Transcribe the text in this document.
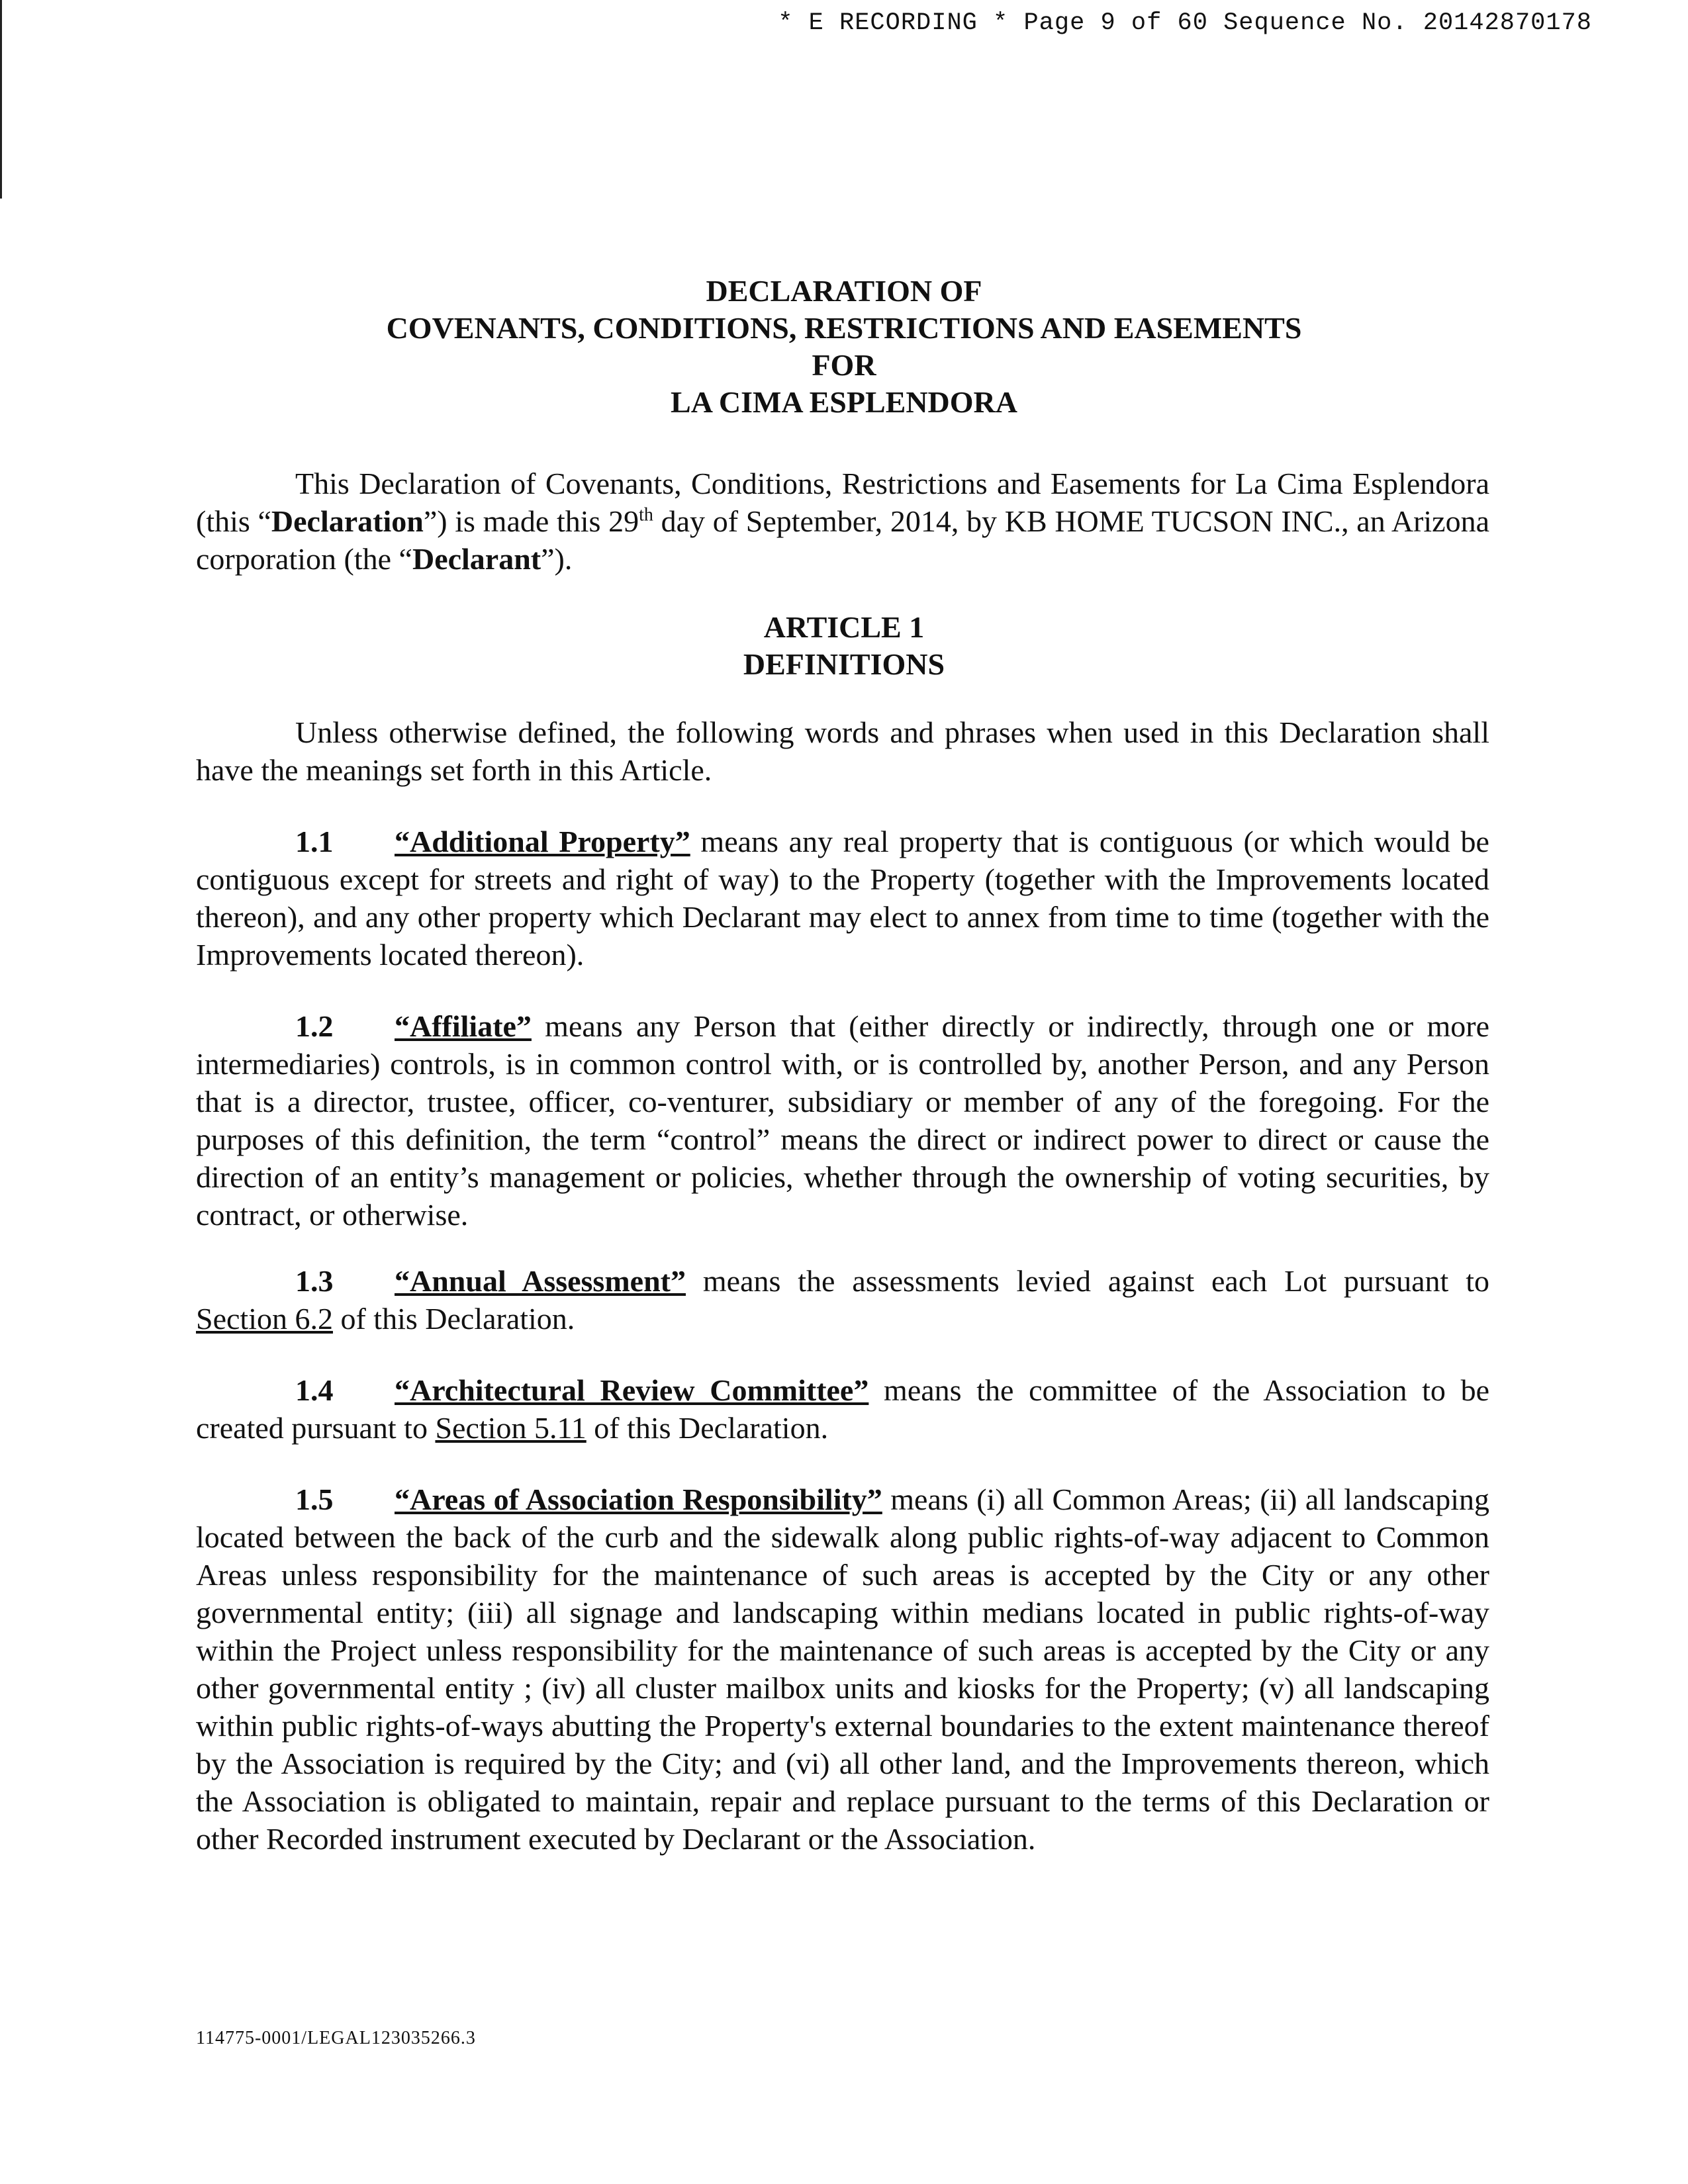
* E RECORDING * Page 9 of 60 Sequence No. 20142870178
DECLARATION OF
COVENANTS, CONDITIONS, RESTRICTIONS AND EASEMENTS
FOR
LA CIMA ESPLENDORA

This Declaration of Covenants, Conditions, Restrictions and Easements for La Cima Esplendora (this “Declaration”) is made this 29th day of September, 2014, by KB HOME TUCSON INC., an Arizona corporation (the “Declarant”).

ARTICLE 1
DEFINITIONS

Unless otherwise defined, the following words and phrases when used in this Declaration shall have the meanings set forth in this Article.

1.1 “Additional Property” means any real property that is contiguous (or which would be contiguous except for streets and right of way) to the Property (together with the Improvements located thereon), and any other property which Declarant may elect to annex from time to time (together with the Improvements located thereon).

1.2 “Affiliate” means any Person that (either directly or indirectly, through one or more intermediaries) controls, is in common control with, or is controlled by, another Person, and any Person that is a director, trustee, officer, co-venturer, subsidiary or member of any of the foregoing. For the purposes of this definition, the term “control” means the direct or indirect power to direct or cause the direction of an entity’s management or policies, whether through the ownership of voting securities, by contract, or otherwise.

1.3 “Annual Assessment” means the assessments levied against each Lot pursuant to Section 6.2 of this Declaration.

1.4 “Architectural Review Committee” means the committee of the Association to be created pursuant to Section 5.11 of this Declaration.

1.5 “Areas of Association Responsibility” means (i) all Common Areas; (ii) all landscaping located between the back of the curb and the sidewalk along public rights-of-way adjacent to Common Areas unless responsibility for the maintenance of such areas is accepted by the City or any other governmental entity; (iii) all signage and landscaping within medians located in public rights-of-way within the Project unless responsibility for the maintenance of such areas is accepted by the City or any other governmental entity ; (iv) all cluster mailbox units and kiosks for the Property; (v) all landscaping within public rights-of-ways abutting the Property's external boundaries to the extent maintenance thereof by the Association is required by the City; and (vi) all other land, and the Improvements thereon, which the Association is obligated to maintain, repair and replace pursuant to the terms of this Declaration or other Recorded instrument executed by Declarant or the Association.

114775-0001/LEGAL123035266.3
